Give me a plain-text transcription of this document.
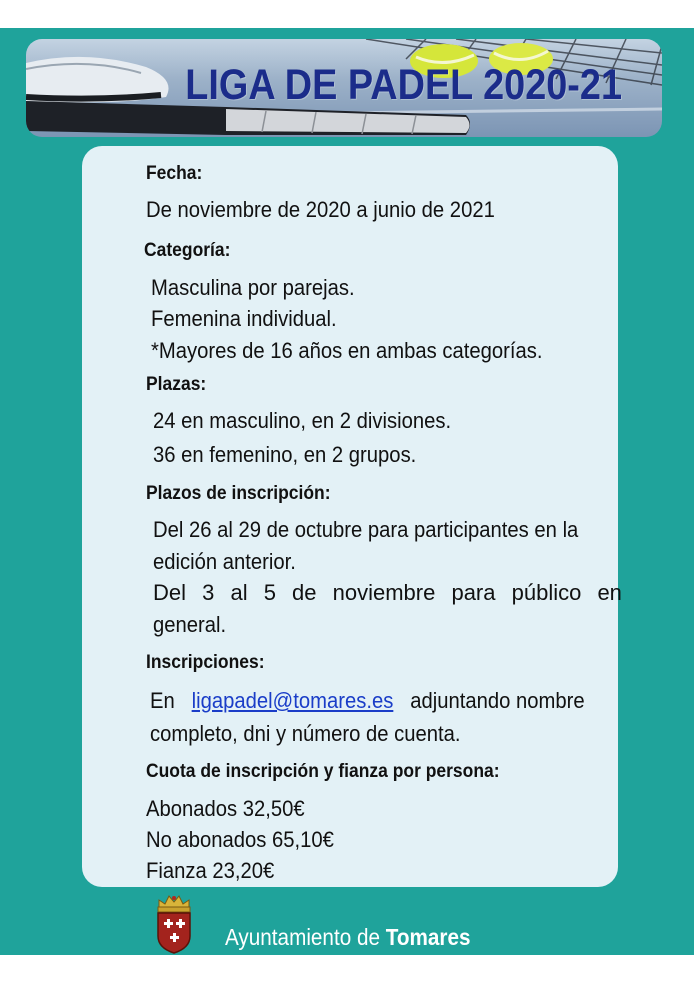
LIGA DE PADEL 2020-21
Fecha:
De noviembre de 2020 a junio de 2021
Categoría:
Masculina por parejas.
Femenina individual.
*Mayores de 16 años en ambas categorías.
Plazas:
24 en masculino, en 2 divisiones.
36 en femenino, en 2 grupos.
Plazos de inscripción:
Del 26 al 29 de octubre para participantes en la
edición anterior.
Del 3 al 5 de noviembre para público en
general.
Inscripciones:
En ligapadel@tomares.es adjuntando nombre
completo, dni y número de cuenta.
Cuota de inscripción y fianza por persona:
Abonados 32,50€
No abonados 65,10€
Fianza 23,20€
Ayuntamiento de Tomares
